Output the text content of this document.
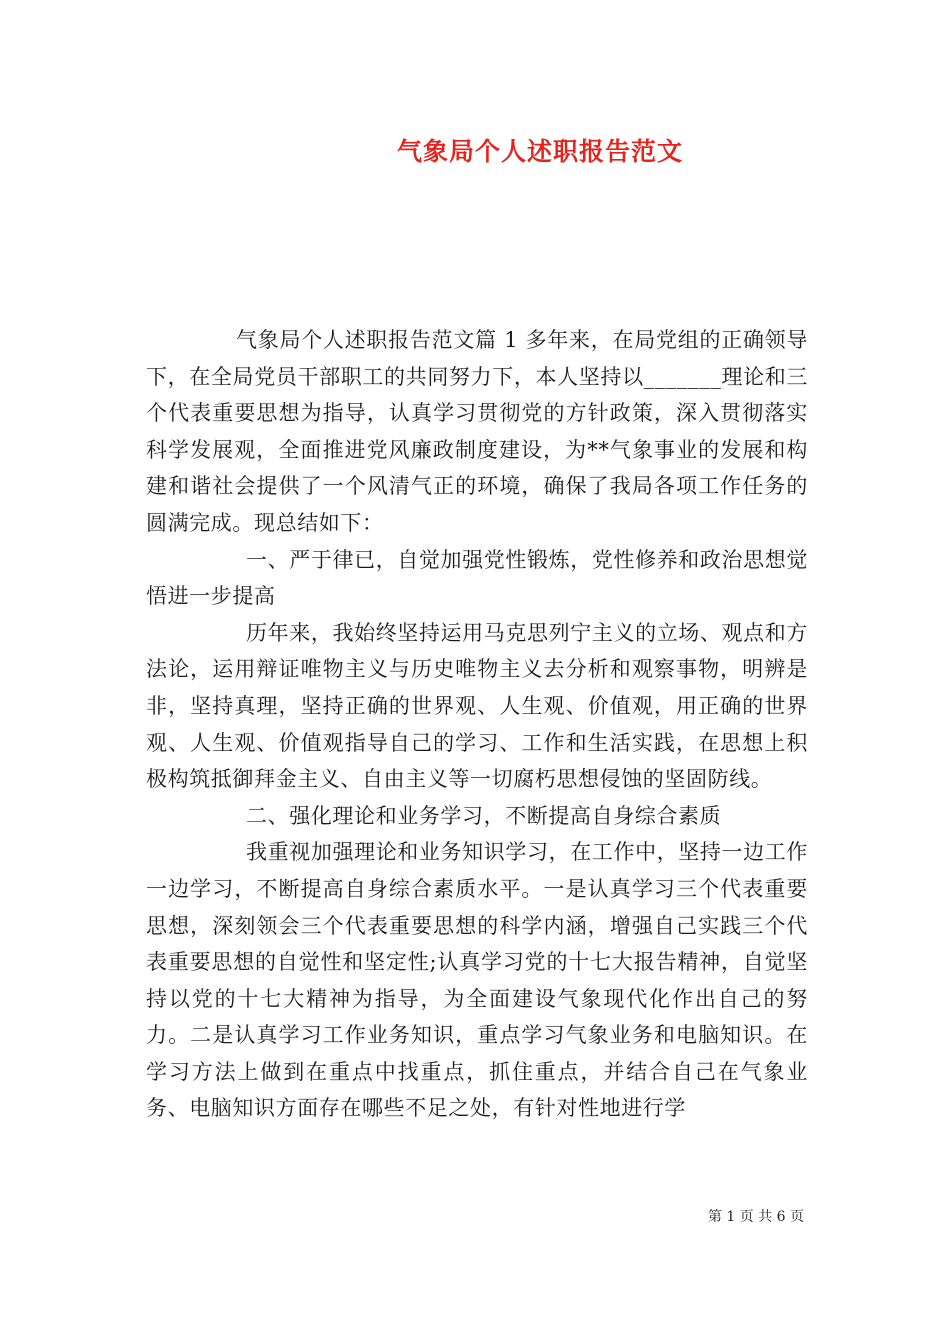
气象局个人述职报告范文

气象局个人述职报告范文篇 1 多年来，在局党组的正确领导下，在全局党员干部职工的共同努力下，本人坚持以_______理论和三个代表重要思想为指导，认真学习贯彻党的方针政策，深入贯彻落实科学发展观，全面推进党风廉政制度建设，为**气象事业的发展和构建和谐社会提供了一个风清气正的环境，确保了我局各项工作任务的圆满完成。现总结如下：

一、严于律已，自觉加强党性锻炼，党性修养和政治思想觉悟进一步提高

历年来，我始终坚持运用马克思列宁主义的立场、观点和方法论，运用辩证唯物主义与历史唯物主义去分析和观察事物，明辨是非，坚持真理，坚持正确的世界观、人生观、价值观，用正确的世界观、人生观、价值观指导自己的学习、工作和生活实践，在思想上积极构筑抵御拜金主义、自由主义等一切腐朽思想侵蚀的坚固防线。

二、强化理论和业务学习，不断提高自身综合素质

我重视加强理论和业务知识学习，在工作中，坚持一边工作一边学习，不断提高自身综合素质水平。一是认真学习三个代表重要思想，深刻领会三个代表重要思想的科学内涵，增强自己实践三个代表重要思想的自觉性和坚定性;认真学习党的十七大报告精神，自觉坚持以党的十七大精神为指导，为全面建设气象现代化作出自己的努力。二是认真学习工作业务知识，重点学习气象业务和电脑知识。在学习方法上做到在重点中找重点，抓住重点，并结合自己在气象业务、电脑知识方面存在哪些不足之处，有针对性地进行学

第 1 页 共 6 页
